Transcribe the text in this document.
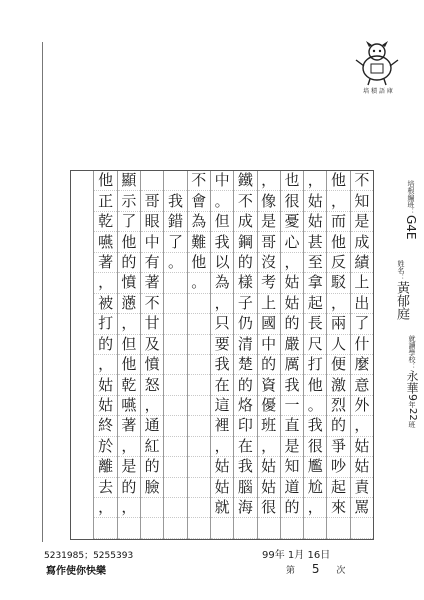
培 積 語 庫
不
知
是
成
績
上
出
了
什
麼
意
外
，
姑
姑
責
罵
他
，
而
他
反
駁
，
兩
人
便
激
烈
的
爭
吵
起
來
，
姑
姑
甚
至
拿
起
長
尺
打
他
。
我
很
尷
尬
，
也
很
憂
心
，
姑
姑
的
嚴
厲
我
一
直
是
知
道
的
，
像
是
哥
沒
考
上
國
中
的
資
優
班
，
姑
姑
很
鐵
不
成
鋼
的
樣
子
仍
清
楚
的
烙
印
在
我
腦
海
中
。
但
我
以
為
，
只
要
我
在
這
裡
，
姑
姑
就
不
會
為
難
他
。
我
錯
了
。
哥
眼
中
有
著
不
甘
及
憤
怒
，
通
紅
的
臉
顯
示
了
他
的
憤
懣
，
但
他
乾
嚥
著
，
是
的
，
他
正
乾
嚥
著
，
被
打
的
，
姑
姑
終
於
離
去
，
培根編班：G4E
姓名：黃郁庭
就讀學校：永華9年22班
99年 1月 16日
第 5 次
5231985；5255393
寫作使你快樂
